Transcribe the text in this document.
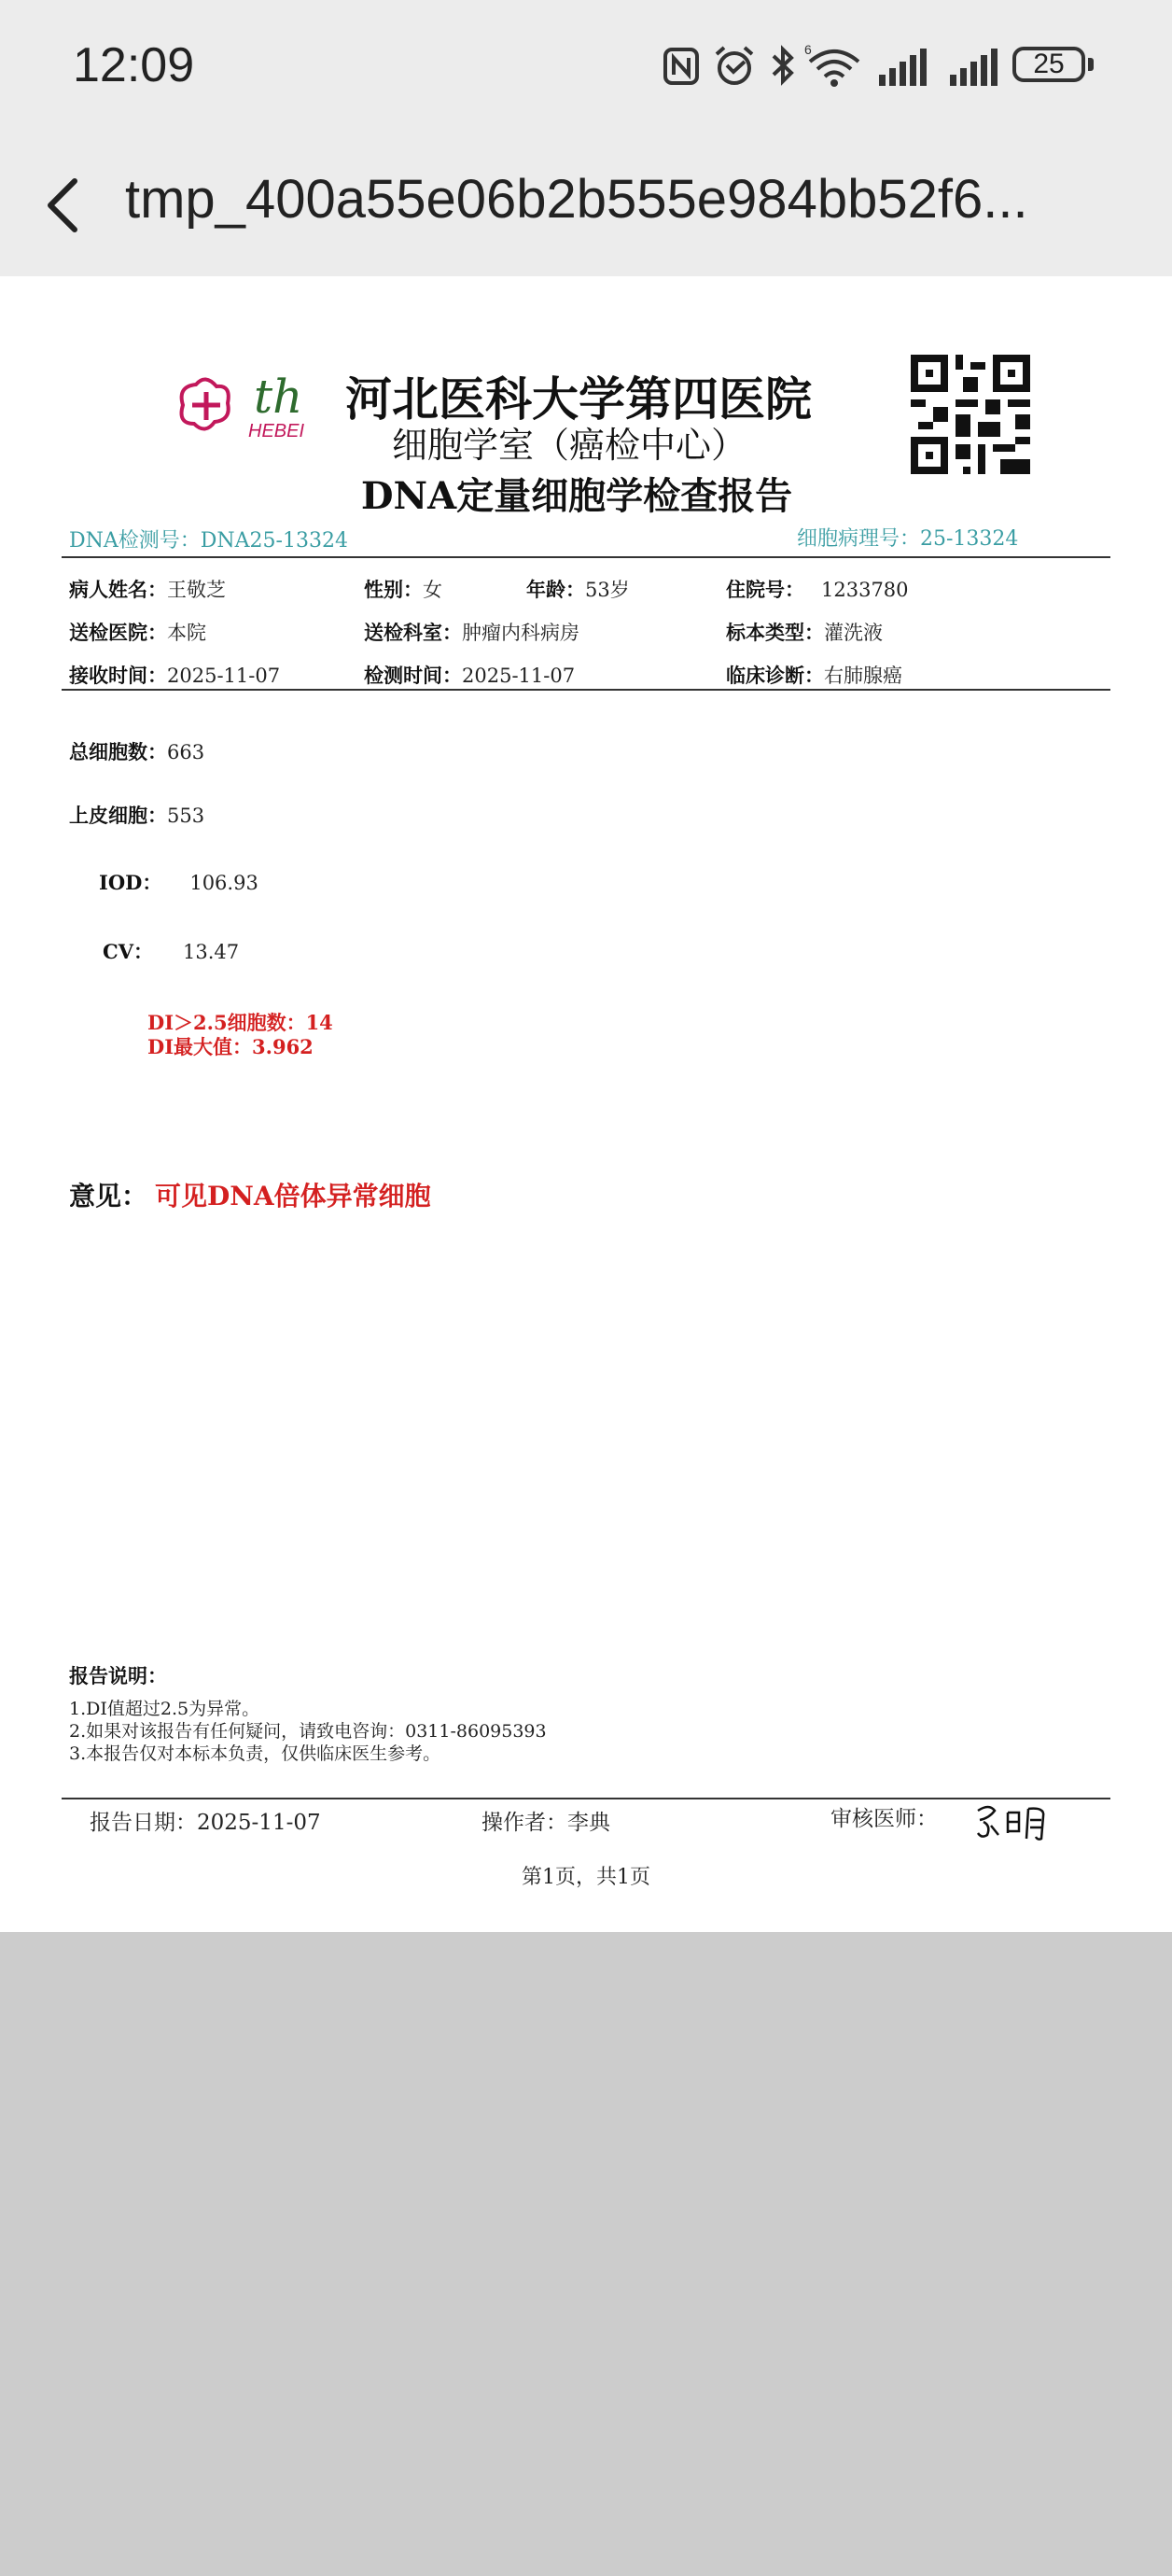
12:09	6	25
tmp_400a55e06b2b555e984bb52f6...
th
HEBEI
河北医科大学第四医院
细胞学室（癌检中心）
DNA定量细胞学检查报告
DNA检测号：DNA25-13324	细胞病理号：25-13324
病人姓名：王敬芝	性别：女	年龄：53岁	住院号： 1233780
送检医院：本院	送检科室：肿瘤内科病房	标本类型：灌洗液
接收时间：2025-11-07	检测时间：2025-11-07	临床诊断：右肺腺癌
总细胞数：663
上皮细胞：553
IOD： 106.93
CV： 13.47
DI＞2.5细胞数：14
DI最大值：3.962
意见： 可见DNA倍体异常细胞
报告说明：
1.DI值超过2.5为异常。
2.如果对该报告有任何疑问，请致电咨询：0311-86095393
3.本报告仅对本标本负责，仅供临床医生参考。
报告日期：2025-11-07	操作者：李典	审核医师：
第1页，共1页
